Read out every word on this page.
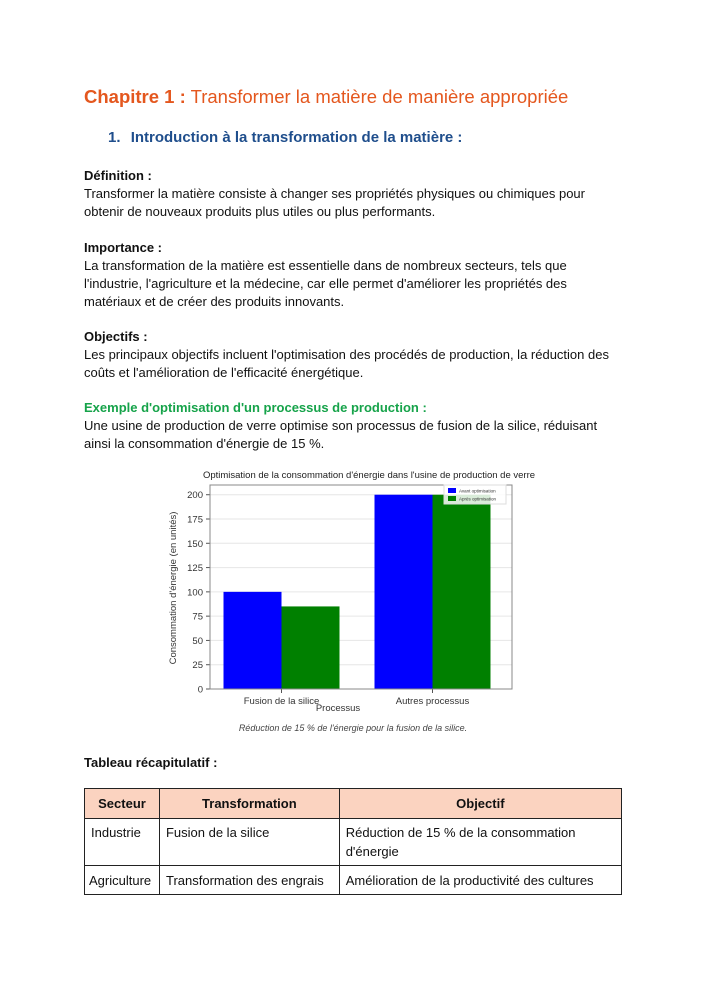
Chapitre 1 : Transformer la matière de manière appropriée
1. Introduction à la transformation de la matière :
Définition :

Transformer la matière consiste à changer ses propriétés physiques ou chimiques pour obtenir de nouveaux produits plus utiles ou plus performants.

Importance :

La transformation de la matière est essentielle dans de nombreux secteurs, tels que l'industrie, l'agriculture et la médecine, car elle permet d'améliorer les propriétés des matériaux et de créer des produits innovants.

Objectifs :

Les principaux objectifs incluent l'optimisation des procédés de production, la réduction des coûts et l'amélioration de l'efficacité énergétique.

Exemple d'optimisation d'un processus de production :

Une usine de production de verre optimise son processus de fusion de la silice, réduisant ainsi la consommation d'énergie de 15 %.

Optimisation de la consommation d'énergie dans l'usine de production de verre
Processus
Consommation d'énergie (en unités)
Réduction de 15 % de l'énergie pour la fusion de la silice.
0
25
50
75
100
125
150
175
200
Fusion de la silice	Autres processus
Avant optimisation
Après optimisation
Tableau récapitulatif :
Secteur	Transformation	Objectif
Industrie	Fusion de la silice	Réduction de 15 % de la consommation d'énergie
Agriculture	Transformation des engrais	Amélioration de la productivité des cultures
